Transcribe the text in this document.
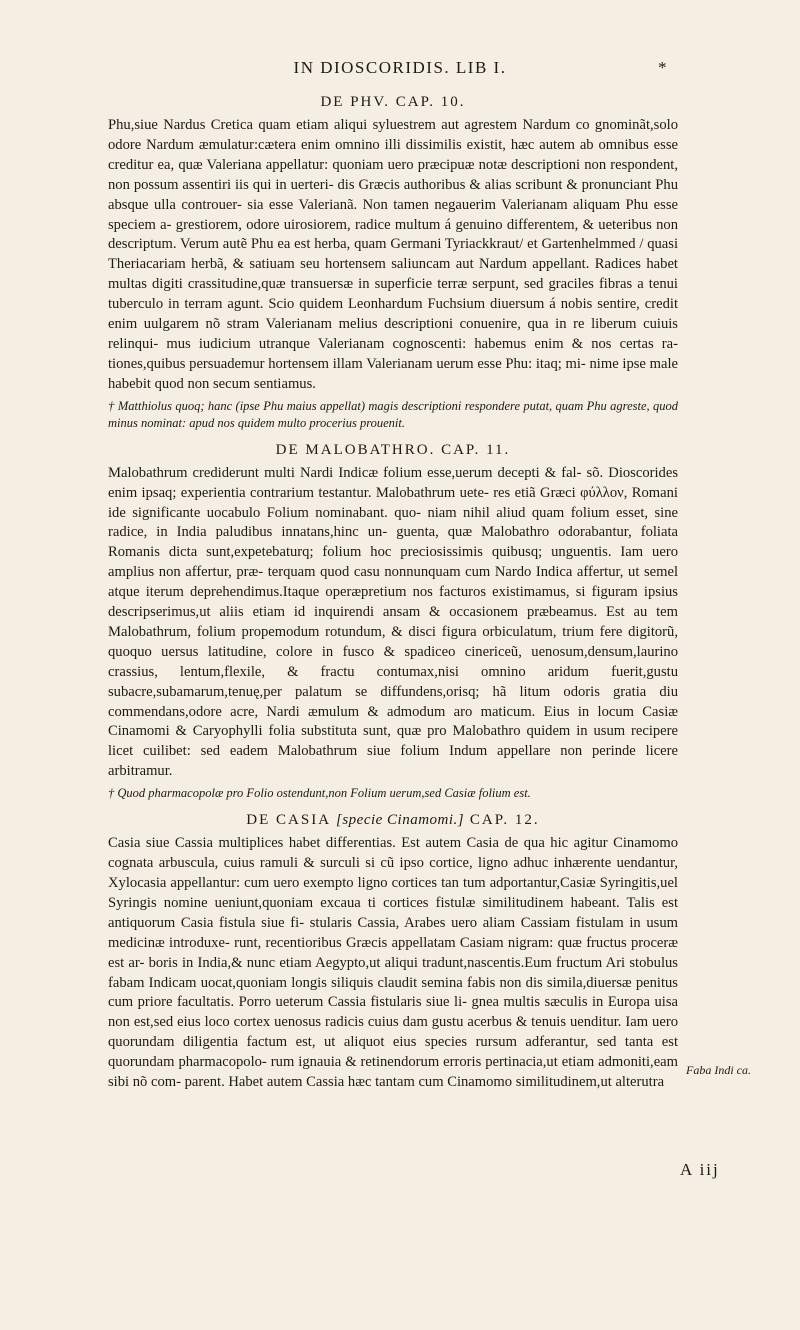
IN DIOSCORIDIS. LIB I.	*
DE PHV. CAP. 10.
Phu,siue Nardus Cretica quam etiam aliqui syluestrem aut agrestem Nardum co gnominãt,solo odore Nardum æmulatur:cætera enim omnino illi dissimilis existit, hæc autem ab omnibus esse creditur ea, quæ Valeriana appellatur: quoniam uero præcipuæ notæ descriptioni non respondent, non possum assentiri iis qui in uerteri- dis Græcis authoribus & alias scribunt & pronunciant Phu absque ulla controuer- sia esse Valerianã. Non tamen negauerim Valerianam aliquam Phu esse speciem a- grestiorem, odore uirosiorem, radice multum á genuino differentem, & ueteribus non descriptum. Verum autẽ Phu ea est herba, quam Germani Tyriackkraut/ et Gartenhelmmed / quasi Theriacariam herbã, & satiuam seu hortensem saliuncam aut Nardum appellant. Radices habet multas digiti crassitudine,quæ transuersæ in superficie terræ serpunt, sed graciles fibras a tenui tuberculo in terram agunt. Scio quidem Leonhardum Fuchsium diuersum á nobis sentire, credit enim uulgarem nõ stram Valerianam melius descriptioni conuenire, qua in re liberum cuiuis relinqui- mus iudicium utranque Valerianam cognoscenti: habemus enim & nos certas ra- tiones,quibus persuademur hortensem illam Valerianam uerum esse Phu: itaq; mi- nime ipse male habebit quod non secum sentiamus.
† Matthiolus quoq; hanc (ipse Phu maius appellat) magis descriptioni respondere putat, quam Phu agreste, quod minus nominat: apud nos quidem multo procerius prouenit.
DE MALOBATHRO. CAP. 11.
Malobathrum crediderunt multi Nardi Indicæ folium esse,uerum decepti & fal- sõ. Dioscorides enim ipsaq; experientia contrarium testantur. Malobathrum uete- res etiã Græci φύλλον, Romani ide significante uocabulo Folium nominabant. quo- niam nihil aliud quam folium esset, sine radice, in India paludibus innatans,hinc un- guenta, quæ Malobathro odorabantur, foliata Romanis dicta sunt,expetebaturq; folium hoc preciosissimis quibusq; unguentis. Iam uero amplius non affertur, præ- terquam quod casu nonnunquam cum Nardo Indica affertur, ut semel atque iterum deprehendimus.Itaque operæpretium nos facturos existimamus, si figuram ipsius descripserimus,ut aliis etiam id inquirendi ansam & occasionem præbeamus. Est au tem Malobathrum, folium propemodum rotundum, & disci figura orbiculatum, trium fere digitorũ, quoquo uersus latitudine, colore in fusco & spadiceo cinericeũ, uenosum,densum,laurino crassius, lentum,flexile, & fractu contumax,nisi omnino aridum fuerit,gustu subacre,subamarum,tenuę,per palatum se diffundens,orisq; hã litum odoris gratia diu commendans,odore acre, Nardi æmulum & admodum aro maticum. Eius in locum Casiæ Cinamomi & Caryophylli folia substituta sunt, quæ pro Malobathro quidem in usum recipere licet cuilibet: sed eadem Malobathrum siue folium Indum appellare non perinde licere arbitramur.
† Quod pharmacopolæ pro Folio ostendunt,non Folium uerum,sed Casiæ folium est.
DE CASIA [specie Cinamomi.] CAP. 12.
Casia siue Cassia multiplices habet differentias. Est autem Casia de qua hic agitur Cinamomo cognata arbuscula, cuius ramuli & surculi si cũ ipso cortice, ligno adhuc inhærente uendantur, Xylocasia appellantur: cum uero exempto ligno cortices tan tum adportantur,Casiæ Syringitis,uel Syringis nomine ueniunt,quoniam excaua ti cortices fistulæ similitudinem habeant. Talis est antiquorum Casia fistula siue fi- stularis Cassia, Arabes uero aliam Cassiam fistulam in usum medicinæ introduxe- runt, recentioribus Græcis appellatam Casiam nigram: quæ fructus proceræ est ar- boris in India,& nunc etiam Aegypto,ut aliqui tradunt,nascentis.Eum fructum Ari stobulus fabam Indicam uocat,quoniam longis siliquis claudit semina fabis non dis simila,diuersæ penitus cum priore facultatis. Porro ueterum Cassia fistularis siue li- gnea multis sæculis in Europa uisa non est,sed eius loco cortex uenosus radicis cuius dam gustu acerbus & tenuis uenditur. Iam uero quorundam diligentia factum est, ut aliquot eius species rursum adferantur, sed tanta est quorundam pharmacopolo- rum ignauia & retinendorum erroris pertinacia,ut etiam admoniti,eam sibi nõ com- parent. Habet autem Cassia hæc tantam cum Cinamomo similitudinem,ut alterutra
Faba Indi ca.
A iij
